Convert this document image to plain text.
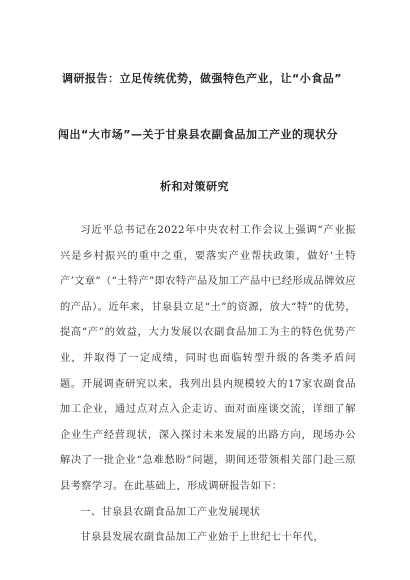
调研报告：立足传统优势，做强特色产业，让“小食品”
闯出“大市场”—关于甘泉县农副食品加工产业的现状分
析和对策研究

习近平总书记在2022年中央农村工作会议上强调“产业振兴是乡村振兴的重中之重，要落实产业帮扶政策，做好‘土特产’文章”（“土特产”即农特产品及加工产品中已经形成品牌效应的产品）。近年来，甘泉县立足“土”的资源，放大“特”的优势，提高“产”的效益，大力发展以农副食品加工为主的特色优势产业，并取得了一定成绩，同时也面临转型升级的各类矛盾问题。开展调查研究以来，我列出县内规模较大的17家农副食品加工企业，通过点对点入企走访、面对面座谈交流，详细了解企业生产经营现状，深入探讨未来发展的出路方向，现场办公解决了一批企业“急难愁盼”问题，期间还带领相关部门赴三原县考察学习。在此基础上，形成调研报告如下：

一、甘泉县农副食品加工产业发展现状

甘泉县发展农副食品加工产业始于上世纪七十年代，
